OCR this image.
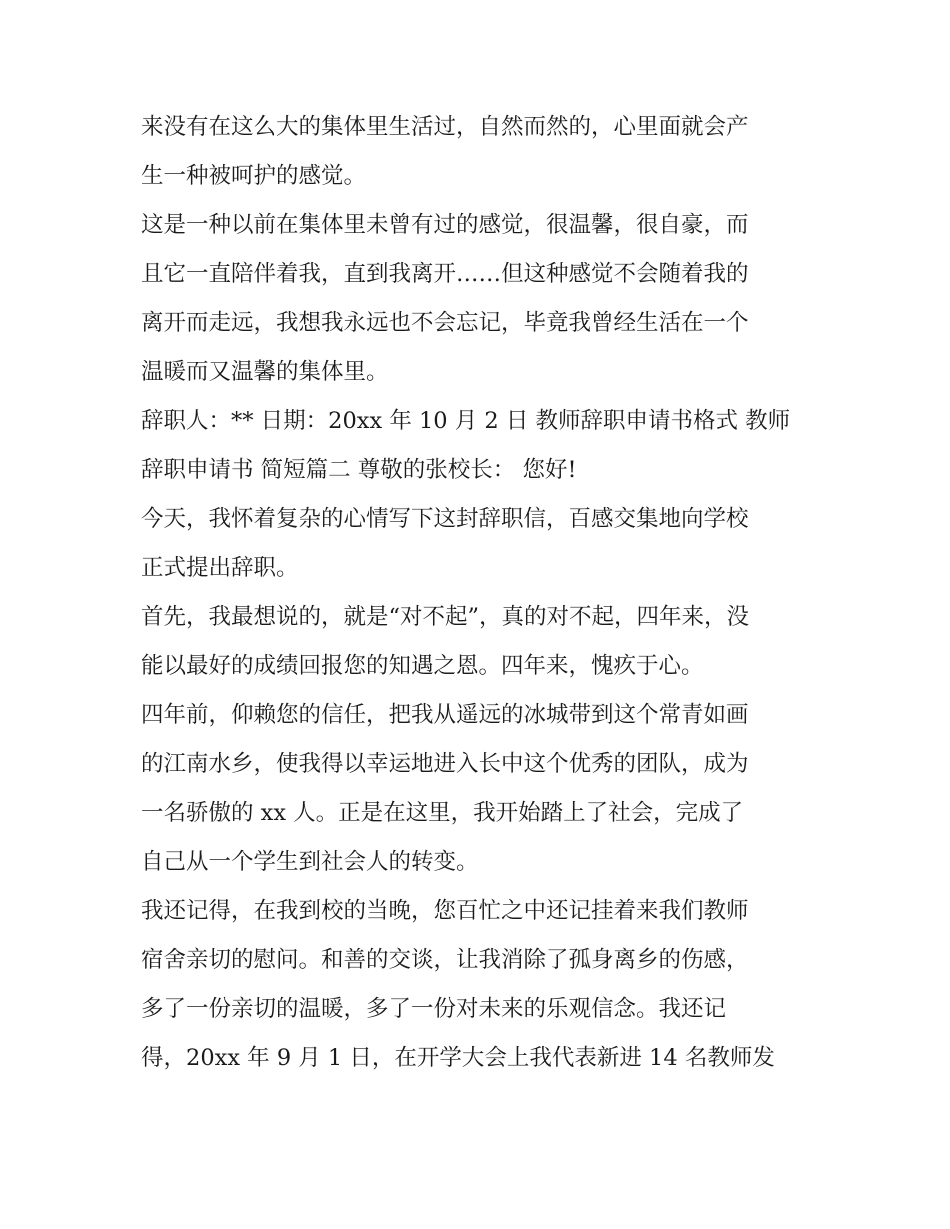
来没有在这么大的集体里生活过，自然而然的，心里面就会产
生一种被呵护的感觉。

这是一种以前在集体里未曾有过的感觉，很温馨，很自豪，而
且它一直陪伴着我，直到我离开……但这种感觉不会随着我的
离开而走远，我想我永远也不会忘记，毕竟我曾经生活在一个
温暖而又温馨的集体里。

辞职人：** 日期：20xx 年 10 月 2 日 教师辞职申请书格式 教师
辞职申请书 简短篇二 尊敬的张校长： 您好!

今天，我怀着复杂的心情写下这封辞职信，百感交集地向学校
正式提出辞职。

首先，我最想说的，就是“对不起”，真的对不起，四年来，没
能以最好的成绩回报您的知遇之恩。四年来，愧疚于心。

四年前，仰赖您的信任，把我从遥远的冰城带到这个常青如画
的江南水乡，使我得以幸运地进入长中这个优秀的团队，成为
一名骄傲的 xx 人。正是在这里，我开始踏上了社会，完成了
自己从一个学生到社会人的转变。

我还记得，在我到校的当晚，您百忙之中还记挂着来我们教师
宿舍亲切的慰问。和善的交谈，让我消除了孤身离乡的伤感，
多了一份亲切的温暖，多了一份对未来的乐观信念。我还记
得，20xx 年 9 月 1 日，在开学大会上我代表新进 14 名教师发
